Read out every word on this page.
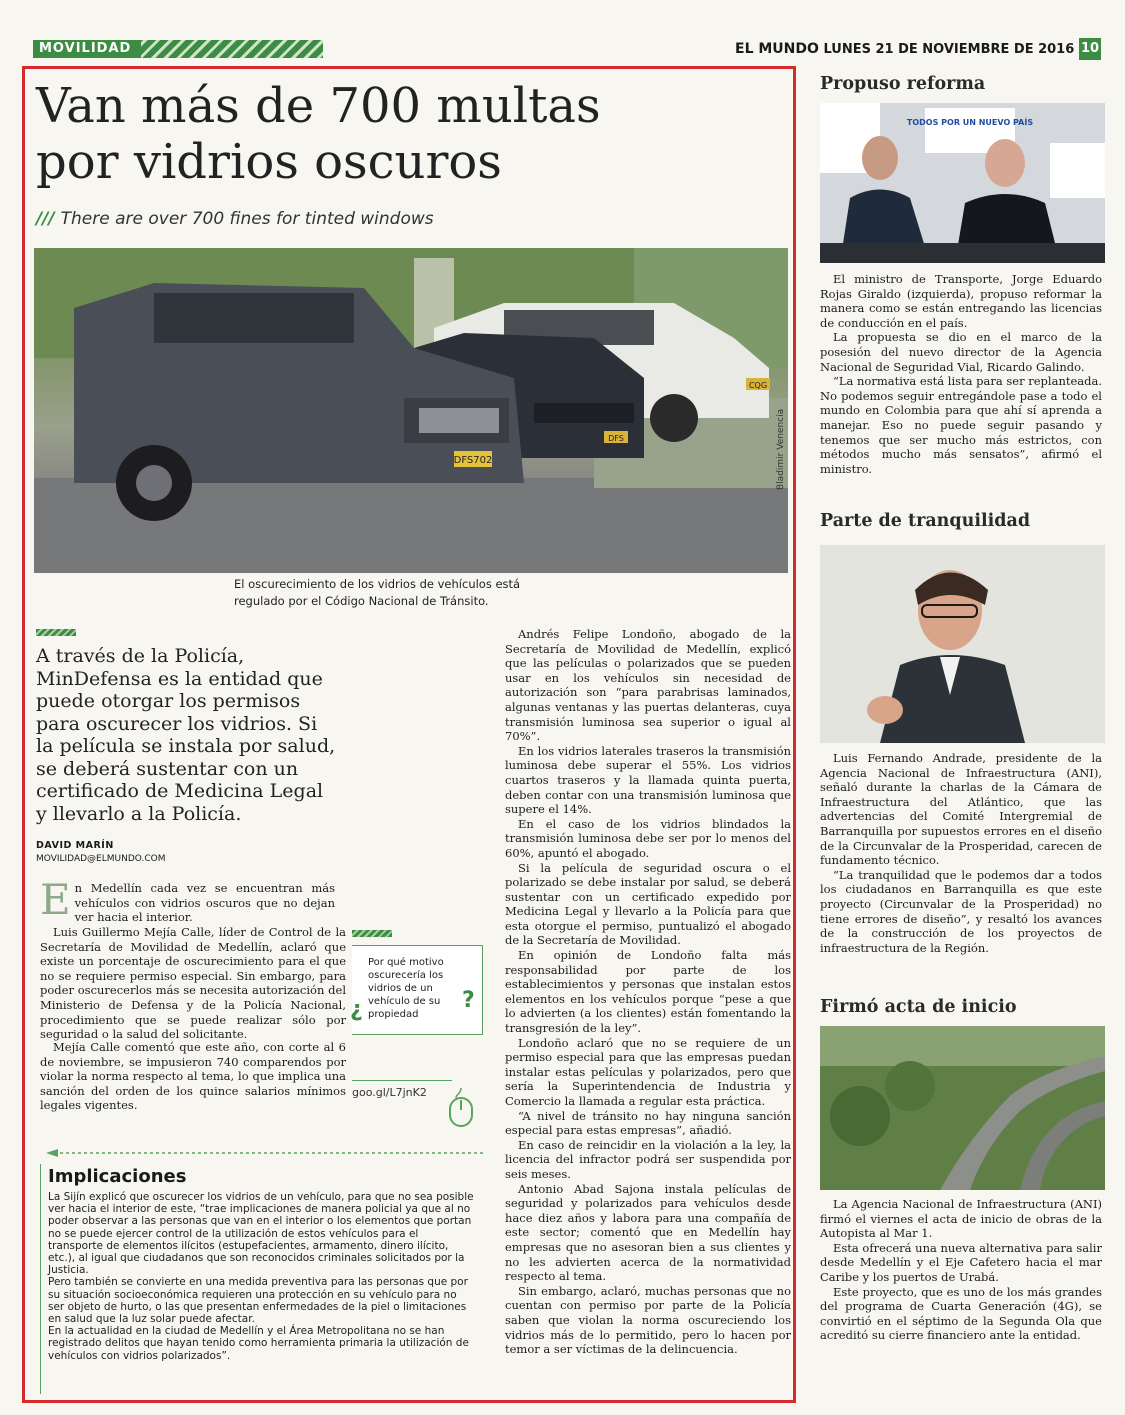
MOVILIDAD	EL MUNDO LUNES 21 DE NOVIEMBRE DE 2016 10
Van más de 700 multas
por vidrios oscuros
/// There are over 700 fines for tinted windows
CQG
DFS
DFS702	Bladimir Venencia
El oscurecimiento de los vidrios de vehículos está regulado por el Código Nacional de Tránsito.
A través de la Policía, MinDefensa es la entidad que puede otorgar los permisos para oscurecer los vidrios. Si la película se instala por salud, se deberá sustentar con un certificado de Medicina Legal y llevarlo a la Policía.
DAVID MARÍN
MOVILIDAD@ELMUNDO.COM
En Medellín cada vez se encuentran más vehículos con vidrios oscuros que no dejan ver hacia el interior.

Luis Guillermo Mejía Calle, líder de Control de la Secretaría de Movilidad de Medellín, aclaró que existe un porcentaje de oscurecimiento para el que no se requiere permiso especial. Sin embargo, para poder oscurecerlos más se necesita autorización del Ministerio de Defensa y de la Policía Nacional, procedimiento que se puede realizar sólo por seguridad o la salud del solicitante.

Mejía Calle comentó que este año, con corte al 6 de noviembre, se impusieron 740 comparendos por violar la norma respecto al tema, lo que implica una sanción del orden de los quince salarios mínimos legales vigentes.

Por qué motivo oscurecería los vidrios de un vehículo de su propiedad
¿	?
goo.gl/L7jnK2
Implicaciones

La Sijín explicó que oscurecer los vidrios de un vehículo, para que no sea posible ver hacia el interior de este, “trae implicaciones de manera policial ya que al no poder observar a las personas que van en el interior o los elementos que portan no se puede ejercer control de la utilización de estos vehículos para el transporte de elementos ilícitos (estupefacientes, armamento, dinero ilícito, etc.), al igual que ciudadanos que son reconocidos criminales solicitados por la Justicia.

Pero también se convierte en una medida preventiva para las personas que por su situación socioeconómica requieren una protección en su vehículo para no ser objeto de hurto, o las que presentan enfermedades de la piel o limitaciones en salud que la luz solar puede afectar.

En la actualidad en la ciudad de Medellín y el Área Metropolitana no se han registrado delitos que hayan tenido como herramienta primaria la utilización de vehículos con vidrios polarizados”.

Andrés Felipe Londoño, abogado de la Secretaría de Movilidad de Medellín, explicó que las películas o polarizados que se pueden usar en los vehículos sin necesidad de autorización son “para parabrisas laminados, algunas ventanas y las puertas delanteras, cuya transmisión luminosa sea superior o igual al 70%”.

En los vidrios laterales traseros la transmisión luminosa debe superar el 55%. Los vidrios cuartos traseros y la llamada quinta puerta, deben contar con una transmisión luminosa que supere el 14%.

En el caso de los vidrios blindados la transmisión luminosa debe ser por lo menos del 60%, apuntó el abogado.

Si la película de seguridad oscura o el polarizado se debe instalar por salud, se deberá sustentar con un certificado expedido por Medicina Legal y llevarlo a la Policía para que esta otorgue el permiso, puntualizó el abogado de la Secretaría de Movilidad.

En opinión de Londoño falta más responsabilidad por parte de los establecimientos y personas que instalan estos elementos en los vehículos porque “pese a que lo advierten (a los clientes) están fomentando la transgresión de la ley”.

Londoño aclaró que no se requiere de un permiso especial para que las empresas puedan instalar estas películas y polarizados, pero que sería la Superintendencia de Industria y Comercio la llamada a regular esta práctica.

“A nivel de tránsito no hay ninguna sanción especial para estas empresas”, añadió.

En caso de reincidir en la violación a la ley, la licencia del infractor podrá ser suspendida por seis meses.

Antonio Abad Sajona instala películas de seguridad y polarizados para vehículos desde hace diez años y labora para una compañía de este sector; comentó que en Medellín hay empresas que no asesoran bien a sus clientes y no les advierten acerca de la normatividad respecto al tema.

Sin embargo, aclaró, muchas personas que no cuentan con permiso por parte de la Policía saben que violan la norma oscureciendo los vidrios más de lo permitido, pero lo hacen por temor a ser víctimas de la delincuencia.

Propuso reforma
TODOS POR UN NUEVO PAÍS

El ministro de Transporte, Jorge Eduardo Rojas Giraldo (izquierda), propuso reformar la manera como se están entregando las licencias de conducción en el país.

La propuesta se dio en el marco de la posesión del nuevo director de la Agencia Nacional de Seguridad Vial, Ricardo Galindo.

“La normativa está lista para ser replanteada. No podemos seguir entregándole pase a todo el mundo en Colombia para que ahí sí aprenda a manejar. Eso no puede seguir pasando y tenemos que ser mucho más estrictos, con métodos mucho más sensatos”, afirmó el ministro.

Parte de tranquilidad

Luis Fernando Andrade, presidente de la Agencia Nacional de Infraestructura (ANI), señaló durante la charlas de la Cámara de Infraestructura del Atlántico, que las advertencias del Comité Intergremial de Barranquilla por supuestos errores en el diseño de la Circunvalar de la Prosperidad, carecen de fundamento técnico.

“La tranquilidad que le podemos dar a todos los ciudadanos en Barranquilla es que este proyecto (Circunvalar de la Prosperidad) no tiene errores de diseño”, y resaltó los avances de la construcción de los proyectos de infraestructura de la Región.

Firmó acta de inicio

La Agencia Nacional de Infraestructura (ANI) firmó el viernes el acta de inicio de obras de la Autopista al Mar 1.

Esta ofrecerá una nueva alternativa para salir desde Medellín y el Eje Cafetero hacia el mar Caribe y los puertos de Urabá.

Este proyecto, que es uno de los más grandes del programa de Cuarta Generación (4G), se convirtió en el séptimo de la Segunda Ola que acreditó su cierre financiero ante la entidad.
